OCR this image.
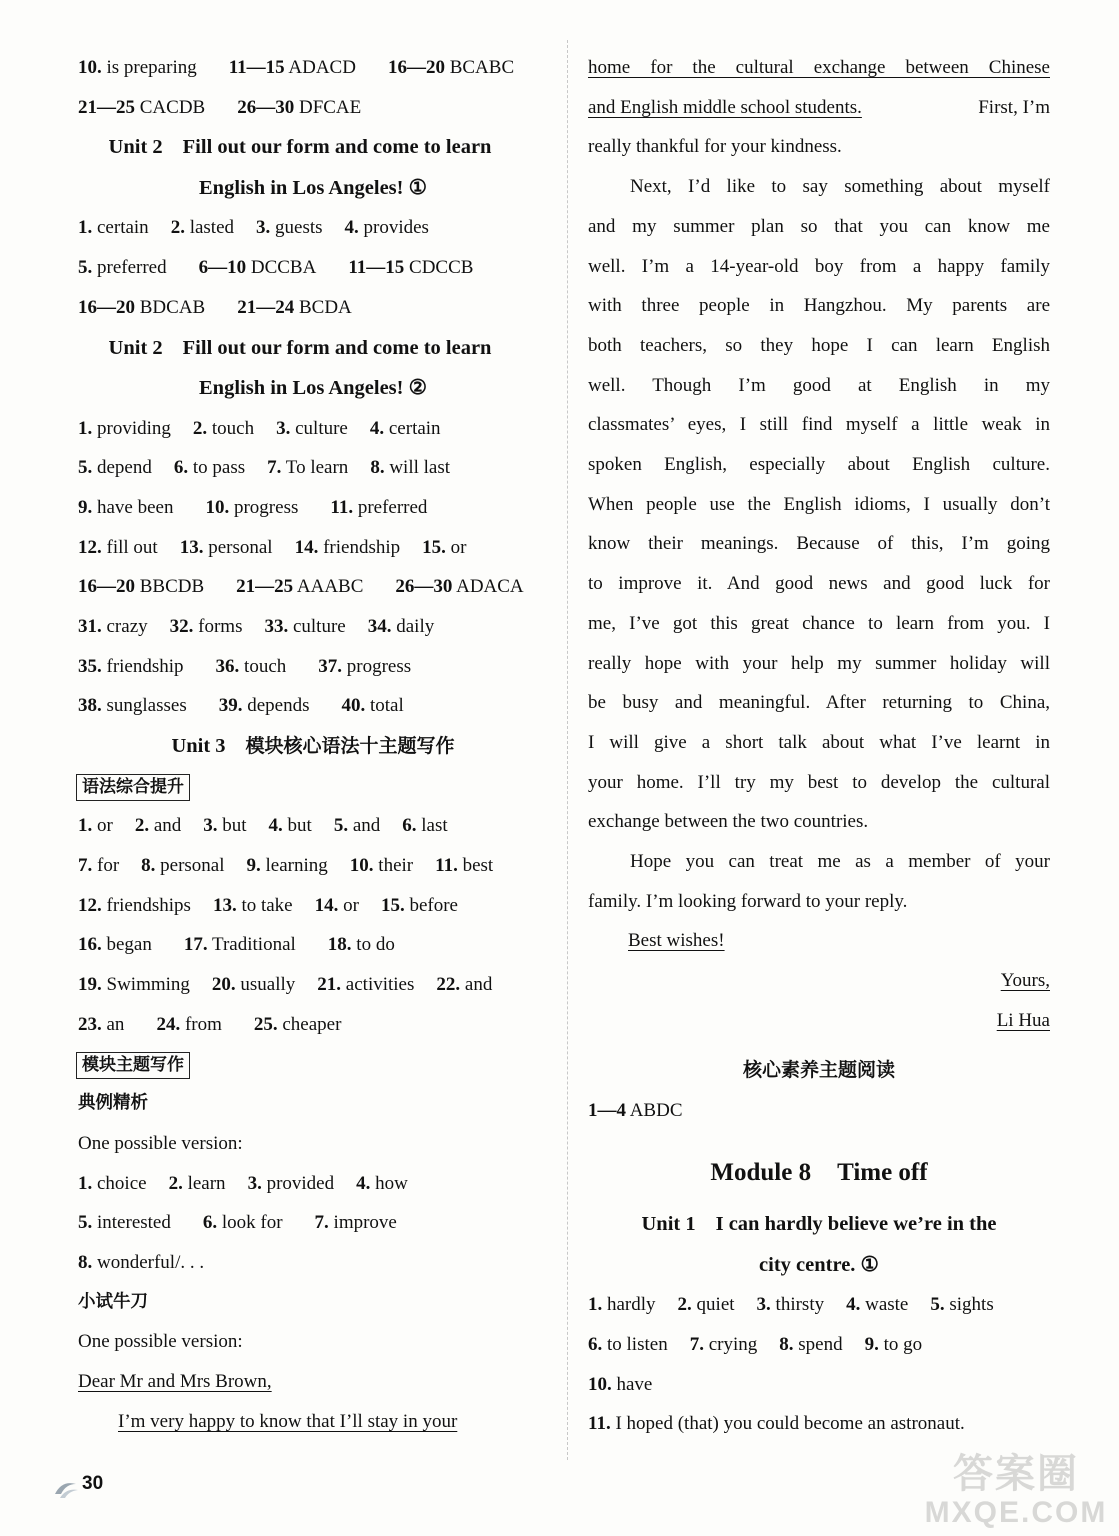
10. is preparing 11—15 ADACD 16—20 BCABC
21—25 CACDB 26—30 DFCAE
Unit 2 Fill out our form and come to learn
English in Los Angeles! ①
1. certain 2. lasted 3. guests 4. provides
5. preferred 6—10 DCCBA 11—15 CDCCB
16—20 BDCAB 21—24 BCDA
Unit 2 Fill out our form and come to learn
English in Los Angeles! ②
1. providing 2. touch 3. culture 4. certain
5. depend 6. to pass 7. To learn 8. will last
9. have been 10. progress 11. preferred
12. fill out 13. personal 14. friendship 15. or
16—20 BBCDB 21—25 AAABC 26—30 ADACA
31. crazy 32. forms 33. culture 34. daily
35. friendship 36. touch 37. progress
38. sunglasses 39. depends 40. total
Unit 3 模块核心语法十主题写作
语法综合提升
1. or 2. and 3. but 4. but 5. and 6. last
7. for 8. personal 9. learning 10. their 11. best
12. friendships 13. to take 14. or 15. before
16. began 17. Traditional 18. to do
19. Swimming 20. usually 21. activities 22. and
23. an 24. from 25. cheaper
模块主题写作
典例精析
One possible version:
1. choice 2. learn 3. provided 4. how
5. interested 6. look for 7. improve
8. wonderful/. . .
小试牛刀
One possible version:
Dear Mr and Mrs Brown,
I’m very happy to know that I’ll stay in your
home for the cultural exchange between Chinese
and English middle school students.	First, I’m
really thankful for your kindness.
Next, I’d like to say something about myself
and my summer plan so that you can know me
well. I’m a 14-year-old boy from a happy family
with three people in Hangzhou. My parents are
both teachers, so they hope I can learn English
well. Though I’m good at English in my
classmates’ eyes, I still find myself a little weak in
spoken English, especially about English culture.
When people use the English idioms, I usually don’t
know their meanings. Because of this, I’m going
to improve it. And good news and good luck for
me, I’ve got this great chance to learn from you. I
really hope with your help my summer holiday will
be busy and meaningful. After returning to China,
I will give a short talk about what I’ve learnt in
your home. I’ll try my best to develop the cultural
exchange between the two countries.
Hope you can treat me as a member of your
family. I’m looking forward to your reply.
Best wishes!
Yours,
Li Hua
核心素养主题阅读
1—4 ABDC
Module 8 Time off
Unit 1 I can hardly believe we’re in the
city centre. ①
1. hardly 2. quiet 3. thirsty 4. waste 5. sights
6. to listen 7. crying 8. spend 9. to go
10. have
11. I hoped (that) you could become an astronaut.
30	答案圈
MXQE.COM
